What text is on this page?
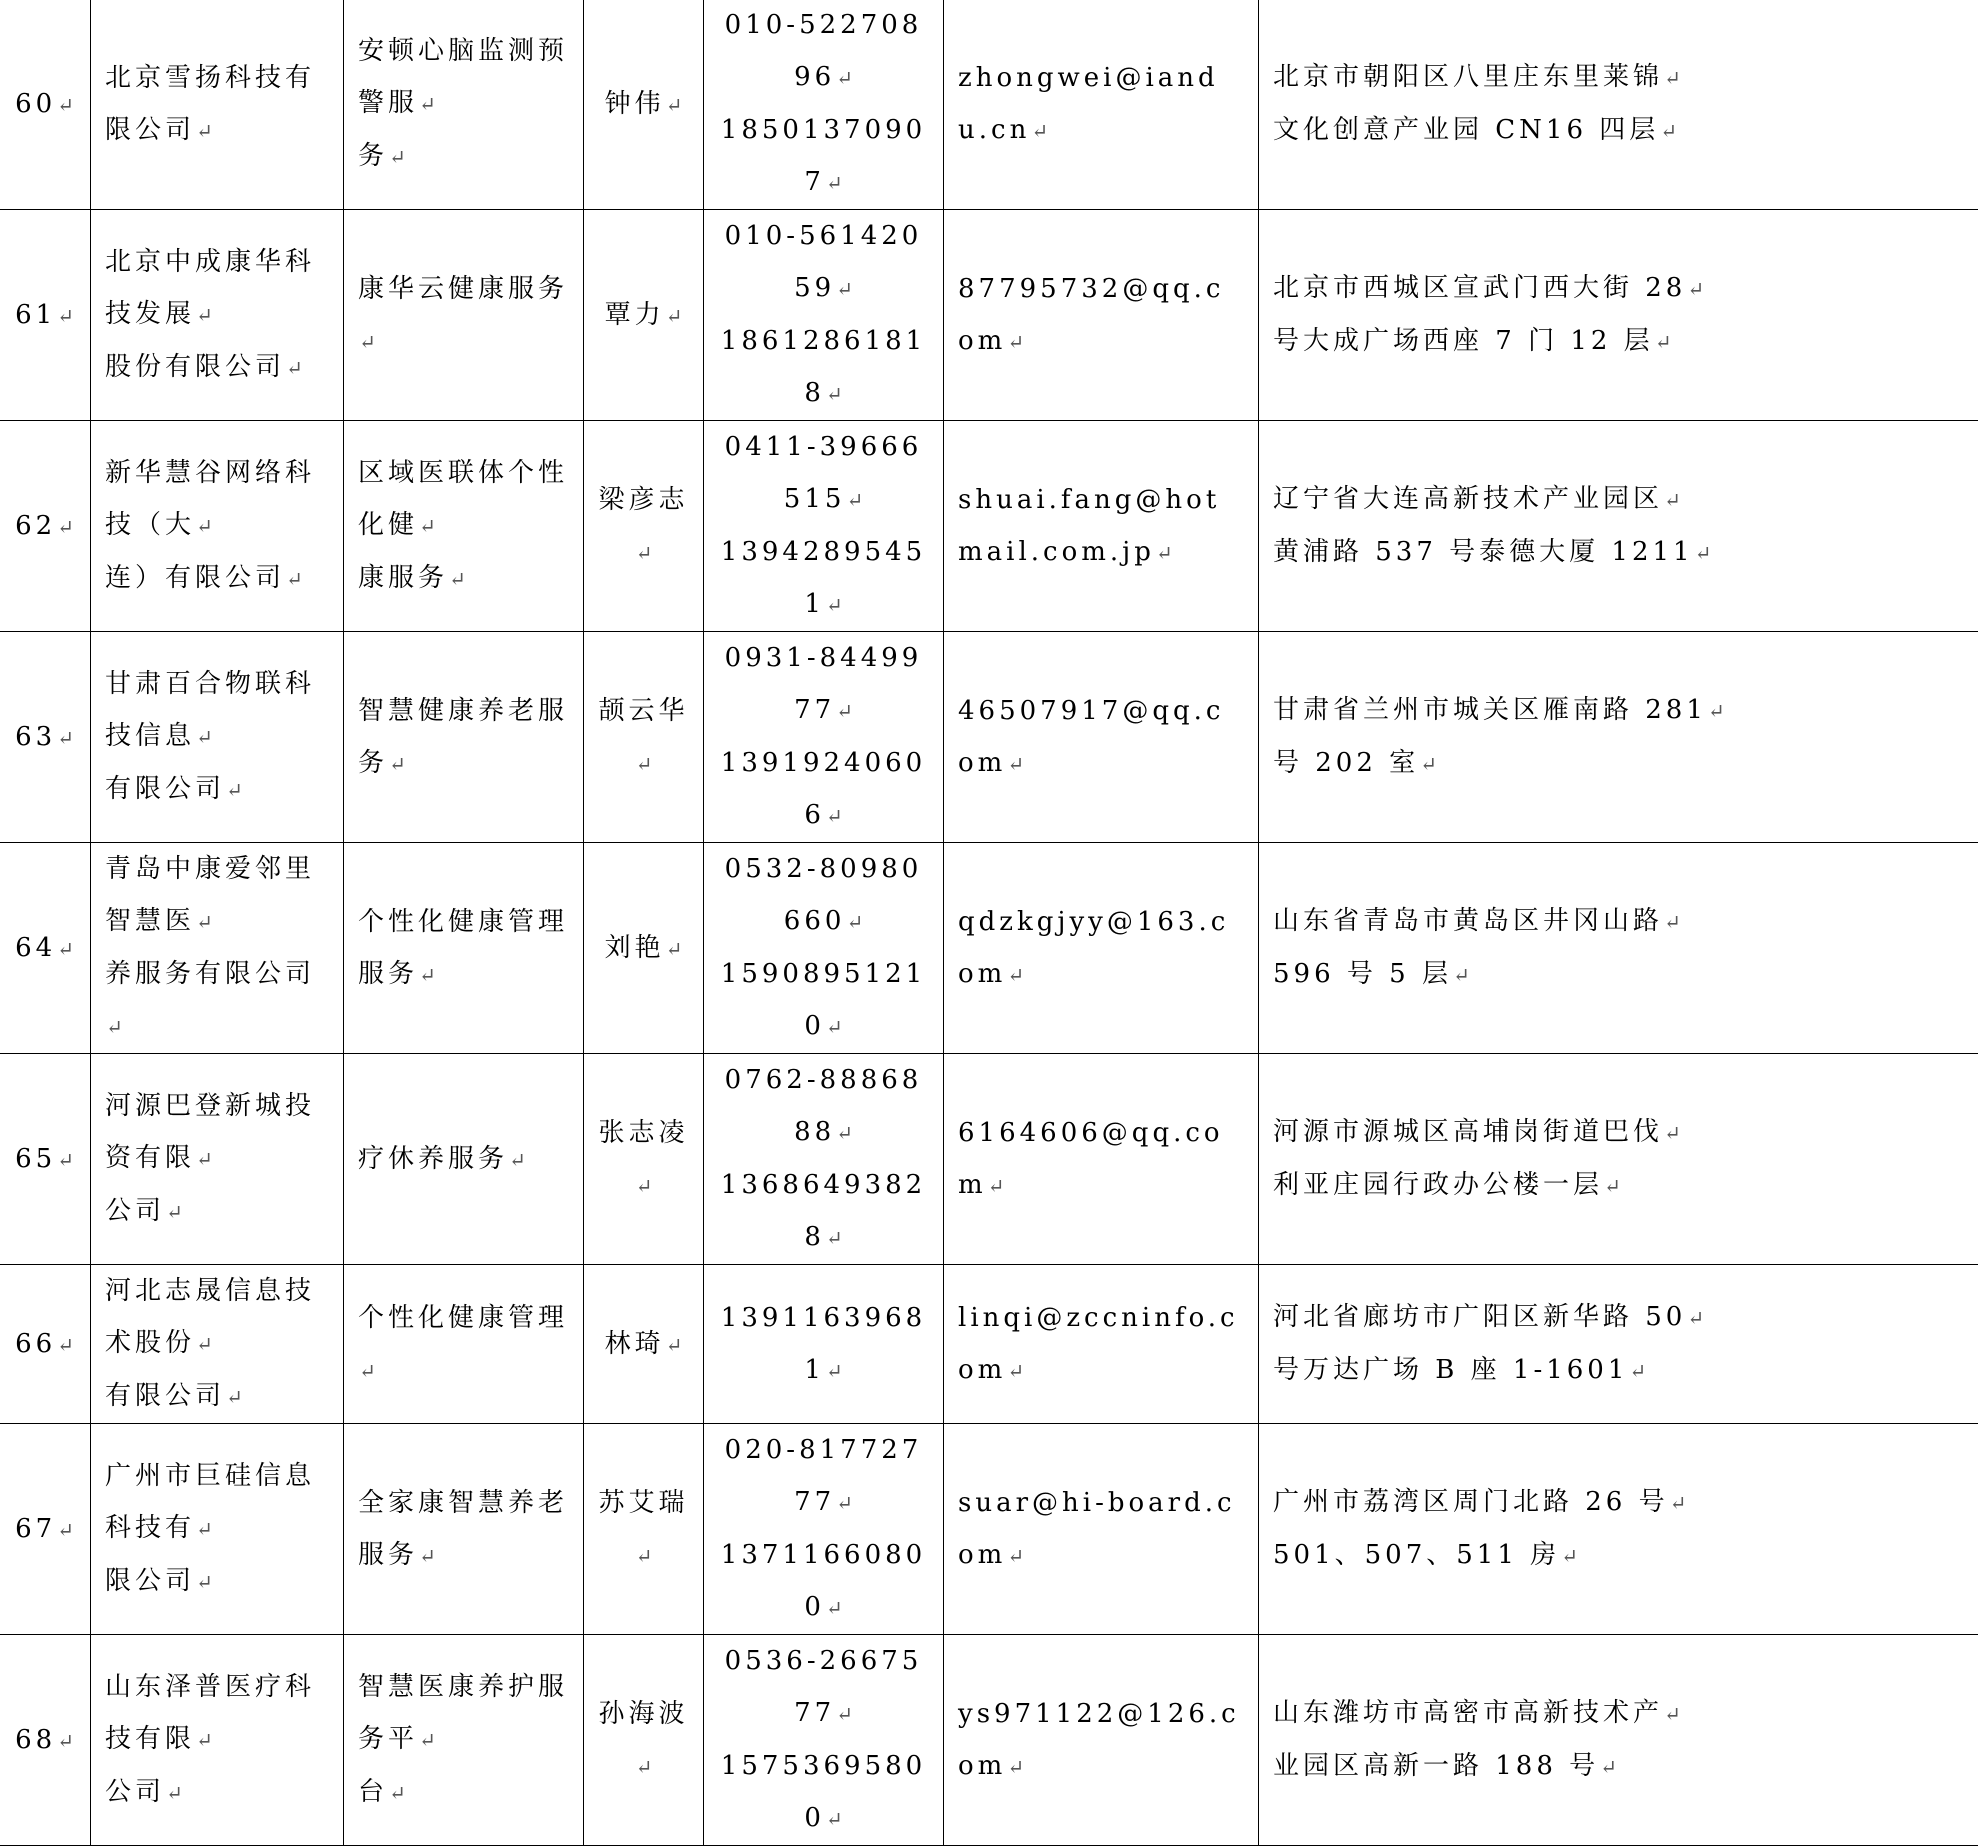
60↵	北京雪扬科技有限公司↵	安顿心脑监测预警服↵
务↵	钟伟↵	010-52270896↵
18501370907↵	zhongwei@iandu.cn↵	北京市朝阳区八里庄东里莱锦↵
文化创意产业园 CN16 四层↵

61↵	北京中成康华科技发展↵
股份有限公司↵	康华云健康服务↵	覃力↵	010-56142059↵
18612861818↵	87795732@qq.com↵	北京市西城区宣武门西大街 28↵
号大成广场西座 7 门 12 层↵

62↵	新华慧谷网络科技（大↵
连）有限公司↵	区域医联体个性化健↵
康服务↵	梁彦志↵	0411-39666515↵
13942895451↵	shuai.fang@hotmail.com.jp↵	辽宁省大连高新技术产业园区↵
黄浦路 537 号泰德大厦 1211↵

63↵	甘肃百合物联科技信息↵
有限公司↵	智慧健康养老服务↵	颉云华↵	0931-8449977↵
13919240606↵	46507917@qq.com↵	甘肃省兰州市城关区雁南路 281↵
号 202 室↵

64↵	青岛中康爱邻里智慧医↵
养服务有限公司↵	个性化健康管理服务↵	刘艳↵	0532-80980660↵
15908951210↵	qdzkgjyy@163.com↵	山东省青岛市黄岛区井冈山路↵
596 号 5 层↵

65↵	河源巴登新城投资有限↵
公司↵	疗休养服务↵	张志凌↵	0762-8886888↵
13686493828↵	6164606@qq.com↵	河源市源城区高埔岗街道巴伐↵
利亚庄园行政办公楼一层↵

66↵	河北志晟信息技术股份↵
有限公司↵	个性化健康管理↵	林琦↵	13911639681↵	linqi@zccninfo.com↵	河北省廊坊市广阳区新华路 50↵
号万达广场 B 座 1-1601↵

67↵	广州市巨硅信息科技有↵
限公司↵	全家康智慧养老服务↵	苏艾瑞↵	020-81772777↵
13711660800↵	suar@hi-board.com↵	广州市荔湾区周门北路 26 号↵
501、507、511 房↵

68↵	山东泽普医疗科技有限↵
公司↵	智慧医康养护服务平↵
台↵	孙海波↵	0536-2667577↵
15753695800↵	ys971122@126.com↵	山东潍坊市高密市高新技术产↵
业园区高新一路 188 号↵
